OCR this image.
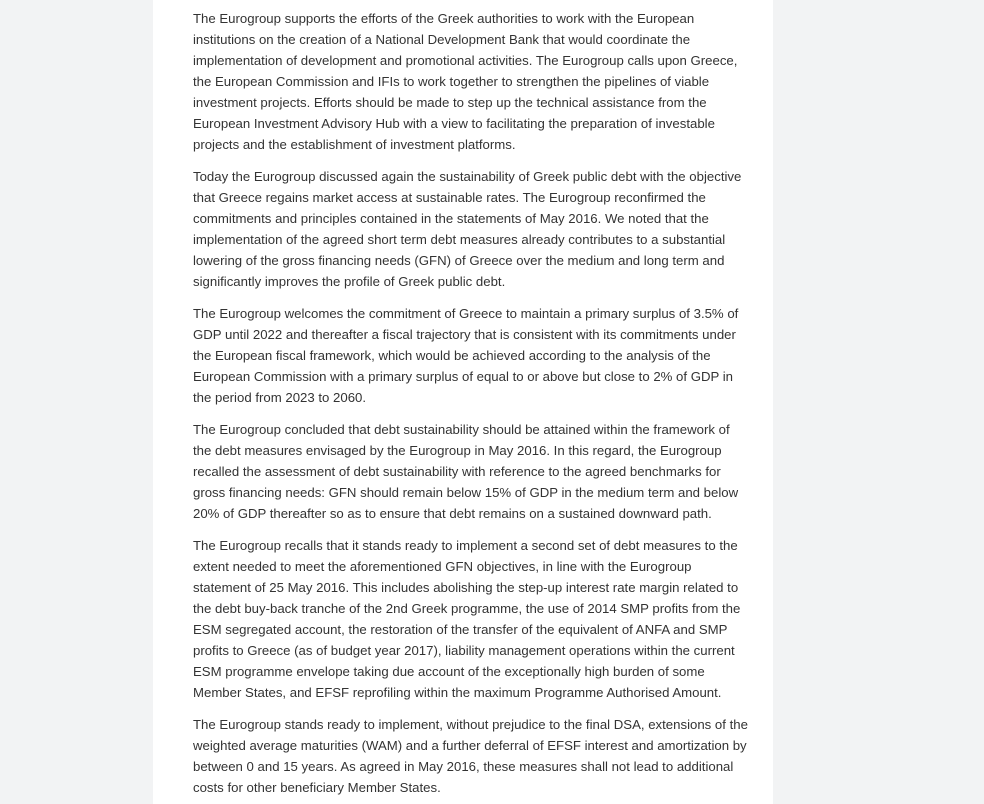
The Eurogroup supports the efforts of the Greek authorities to work with the European
institutions on the creation of a National Development Bank that would coordinate the
implementation of development and promotional activities. The Eurogroup calls upon Greece,
the European Commission and IFIs to work together to strengthen the pipelines of viable
investment projects. Efforts should be made to step up the technical assistance from the
European Investment Advisory Hub with a view to facilitating the preparation of investable
projects and the establishment of investment platforms.

Today the Eurogroup discussed again the sustainability of Greek public debt with the objective
that Greece regains market access at sustainable rates. The Eurogroup reconfirmed the
commitments and principles contained in the statements of May 2016. We noted that the
implementation of the agreed short term debt measures already contributes to a substantial
lowering of the gross financing needs (GFN) of Greece over the medium and long term and
significantly improves the profile of Greek public debt.

The Eurogroup welcomes the commitment of Greece to maintain a primary surplus of 3.5% of
GDP until 2022 and thereafter a fiscal trajectory that is consistent with its commitments under
the European fiscal framework, which would be achieved according to the analysis of the
European Commission with a primary surplus of equal to or above but close to 2% of GDP in
the period from 2023 to 2060.

The Eurogroup concluded that debt sustainability should be attained within the framework of
the debt measures envisaged by the Eurogroup in May 2016. In this regard, the Eurogroup
recalled the assessment of debt sustainability with reference to the agreed benchmarks for
gross financing needs: GFN should remain below 15% of GDP in the medium term and below
20% of GDP thereafter so as to ensure that debt remains on a sustained downward path.

The Eurogroup recalls that it stands ready to implement a second set of debt measures to the
extent needed to meet the aforementioned GFN objectives, in line with the Eurogroup
statement of 25 May 2016. This includes abolishing the step-up interest rate margin related to
the debt buy-back tranche of the 2nd Greek programme, the use of 2014 SMP profits from the
ESM segregated account, the restoration of the transfer of the equivalent of ANFA and SMP
profits to Greece (as of budget year 2017), liability management operations within the current
ESM programme envelope taking due account of the exceptionally high burden of some
Member States, and EFSF reprofiling within the maximum Programme Authorised Amount.

The Eurogroup stands ready to implement, without prejudice to the final DSA, extensions of the
weighted average maturities (WAM) and a further deferral of EFSF interest and amortization by
between 0 and 15 years. As agreed in May 2016, these measures shall not lead to additional
costs for other beneficiary Member States.
